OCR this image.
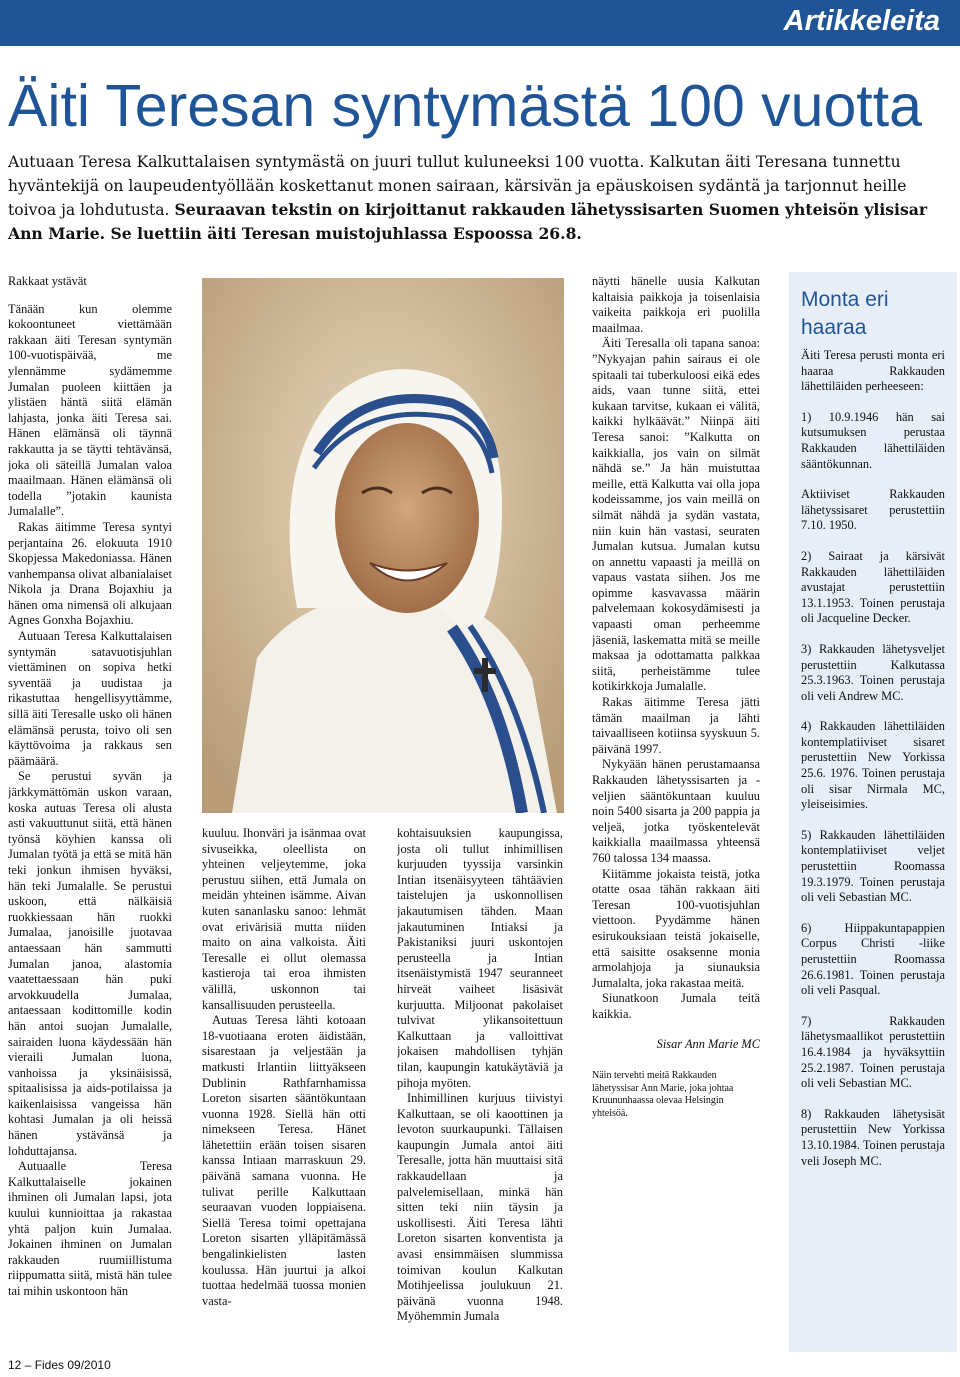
Artikkeleita
Äiti Teresan syntymästä 100 vuotta
Autuaan Teresa Kalkuttalaisen syntymästä on juuri tullut kuluneeksi 100 vuotta. Kalkutan äiti Teresana tunnettu hyväntekijä on laupeudentyöllään koskettanut monen sairaan, kärsivän ja epäuskoisen sydäntä ja tarjonnut heille toivoa ja lohdutusta. Seuraavan tekstin on kirjoittanut rakkauden lähetyssisarten Suomen yhteisön ylisisar Ann Marie. Se luettiin äiti Teresan muistojuhlassa Espoossa 26.8.

Rakkaat ystävät

Tänään kun olemme kokoontuneet viettämään rakkaan äiti Teresan syntymän 100-vuotispäivää, me ylennämme sydämemme Jumalan puoleen kiittäen ja ylistäen häntä siitä elämän lahjasta, jonka äiti Teresa sai. Hänen elämänsä oli täynnä rakkautta ja se täytti tehtävänsä, joka oli säteillä Jumalan valoa maailmaan. Hänen elämänsä oli todella ”jotakin kaunista Jumalalle”.

Rakas äitimme Teresa syntyi perjantaina 26. elokuuta 1910 Skopjessa Makedoniassa. Hänen vanhempansa olivat albanialaiset Nikola ja Drana Bojaxhiu ja hänen oma nimensä oli alkujaan Agnes Gonxha Bojaxhiu.

Autuaan Teresa Kalkuttalaisen syntymän satavuotisjuhlan viettäminen on sopiva hetki syventää ja uudistaa ja rikastuttaa hengellisyyttämme, sillä äiti Teresalle usko oli hänen elämänsä perusta, toivo oli sen käyttövoima ja rakkaus sen päämäärä.

Se perustui syvän ja järkkymättömän uskon varaan, koska autuas Teresa oli alusta asti vakuuttunut siitä, että hänen työnsä köyhien kanssa oli Jumalan työtä ja että se mitä hän teki jonkun ihmisen hyväksi, hän teki Jumalalle. Se perustui uskoon, että nälkäisiä ruokkiessaan hän ruokki Jumalaa, janoisille juotavaa antaessaan hän sammutti Jumalan janoa, alastomia vaatettaessaan hän puki arvokkuudella Jumalaa, antaessaan kodittomille kodin hän antoi suojan Jumalalle, sairaiden luona käydessään hän vieraili Jumalan luona, vanhoissa ja yksinäisissä, spitaalisissa ja aids-potilaissa ja kaikenlaisissa vangeissa hän kohtasi Jumalan ja oli heissä hänen ystävänsä ja lohduttajansa.

Autuaalle Teresa Kalkuttalaiselle jokainen ihminen oli Jumalan lapsi, jota kuului kunnioittaa ja rakastaa yhtä paljon kuin Jumalaa. Jokainen ihminen on Jumalan rakkauden ruumiillistuma riippumatta siitä, mistä hän tulee tai mihin uskontoon hän

kuuluu. Ihonväri ja isänmaa ovat sivuseikka, oleellista on yhteinen veljeytemme, joka perustuu siihen, että Jumala on meidän yhteinen isämme. Aivan kuten sananlasku sanoo: lehmät ovat erivärisiä mutta niiden maito on aina valkoista. Äiti Teresalle ei ollut olemassa kastieroja tai eroa ihmisten välillä, uskonnon tai kansallisuuden perusteella.

Autuas Teresa lähti kotoaan 18-vuotiaana eroten äidistään, sisarestaan ja veljestään ja matkusti Irlantiin liittyäkseen Dublinin Rathfarnhamissa Loreton sisarten sääntökuntaan vuonna 1928. Siellä hän otti nimekseen Teresa. Hänet lähetettiin erään toisen sisaren kanssa Intiaan marraskuun 29. päivänä samana vuonna. He tulivat perille Kalkuttaan seuraavan vuoden loppiaisena. Siellä Teresa toimi opettajana Loreton sisarten ylläpitämässä bengalinkielisten lasten koulussa. Hän juurtui ja alkoi tuottaa hedelmää tuossa monien vasta-

kohtaisuuksien kaupungissa, josta oli tullut inhimillisen kurjuuden tyyssija varsinkin Intian itsenäisyyteen tähtäävien taistelujen ja uskonnollisen jakautumisen tähden. Maan jakautuminen Intiaksi ja Pakistaniksi juuri uskontojen perusteella ja Intian itsenäistymistä 1947 seuranneet hirveät vaiheet lisäsivät kurjuutta. Miljoonat pakolaiset tulvivat ylikansoitettuun Kalkuttaan ja valloittivat jokaisen mahdollisen tyhjän tilan, kaupungin katukäytäviä ja pihoja myöten.

Inhimillinen kurjuus tiivistyi Kalkuttaan, se oli kaoottinen ja levoton suurkaupunki. Tällaisen kaupungin Jumala antoi äiti Teresalle, jotta hän muuttaisi sitä rakkaudellaan ja palvelemisellaan, minkä hän sitten teki niin täysin ja uskollisesti. Äiti Teresa lähti Loreton sisarten konventista ja avasi ensimmäisen slummissa toimivan koulun Kalkutan Motihjeelissa joulukuun 21. päivänä vuonna 1948. Myöhemmin Jumala

näytti hänelle uusia Kalkutan kaltaisia paikkoja ja toisenlaisia vaikeita paikkoja eri puolilla maailmaa.

Äiti Teresalla oli tapana sanoa: ”Nykyajan pahin sairaus ei ole spitaali tai tuberkuloosi eikä edes aids, vaan tunne siitä, ettei kukaan tarvitse, kukaan ei välitä, kaikki hylkäävät.” Niinpä äiti Teresa sanoi: ”Kalkutta on kaikkialla, jos vain on silmät nähdä se.” Ja hän muistuttaa meille, että Kalkutta vai olla jopa kodeissamme, jos vain meillä on silmät nähdä ja sydän vastata, niin kuin hän vastasi, seuraten Jumalan kutsua. Jumalan kutsu on annettu vapaasti ja meillä on vapaus vastata siihen. Jos me opimme kasvavassa määrin palvelemaan kokosydämisesti ja vapaasti oman perheemme jäseniä, laskematta mitä se meille maksaa ja odottamatta palkkaa siitä, perheistämme tulee kotikirkkoja Jumalalle.

Rakas äitimme Teresa jätti tämän maailman ja lähti taivaalliseen kotiinsa syyskuun 5. päivänä 1997.

Nykyään hänen perustamaansa Rakkauden lähetyssisarten ja -veljien sääntökuntaan kuuluu noin 5400 sisarta ja 200 pappia ja veljeä, jotka työskentelevät kaikkialla maailmassa yhteensä 760 talossa 134 maassa.

Kiitämme jokaista teistä, jotka otatte osaa tähän rakkaan äiti Teresan 100-vuotisjuhlan viettoon. Pyydämme hänen esirukouksiaan teistä jokaiselle, että saisitte osaksenne monia armolahjoja ja siunauksia Jumalalta, joka rakastaa meitä.

Siunatkoon Jumala teitä kaikkia.

Sisar Ann Marie MC

Näin tervehti meitä Rakkauden lähetyssisar Ann Marie, joka johtaa Kruununhaassa olevaa Helsingin yhteisöä.

Monta eri haaraa

Äiti Teresa perusti monta eri haaraa Rakkauden lähettiläiden perheeseen:

1) 10.9.1946 hän sai kutsumuksen perustaa Rakkauden lähettiläiden sääntökunnan.

Aktiiviset Rakkauden lähetyssisaret perustettiin 7.10. 1950.

2) Sairaat ja kärsivät Rakkauden lähettiläiden avustajat perustettiin 13.1.1953. Toinen perustaja oli Jacqueline Decker.

3) Rakkauden lähetysveljet perustettiin Kalkutassa 25.3.1963. Toinen perustaja oli veli Andrew MC.

4) Rakkauden lähettiläiden kontemplatiiviset sisaret perustettiin New Yorkissa 25.6. 1976. Toinen perustaja oli sisar Nirmala MC, yleiseisimies.

5) Rakkauden lähettiläiden kontemplatiiviset veljet perustettiin Roomassa 19.3.1979. Toinen perustaja oli veli Sebastian MC.

6) Hiippakuntapappien Corpus Christi -liike perustettiin Roomassa 26.6.1981. Toinen perustaja oli veli Pasqual.

7) Rakkauden lähetysmaallikot perustettiin 16.4.1984 ja hyväksyttiin 25.2.1987. Toinen perustaja oli veli Sebastian MC.

8) Rakkauden lähetysisät perustettiin New Yorkissa 13.10.1984. Toinen perustaja veli Joseph MC.

12 – Fides 09/2010
